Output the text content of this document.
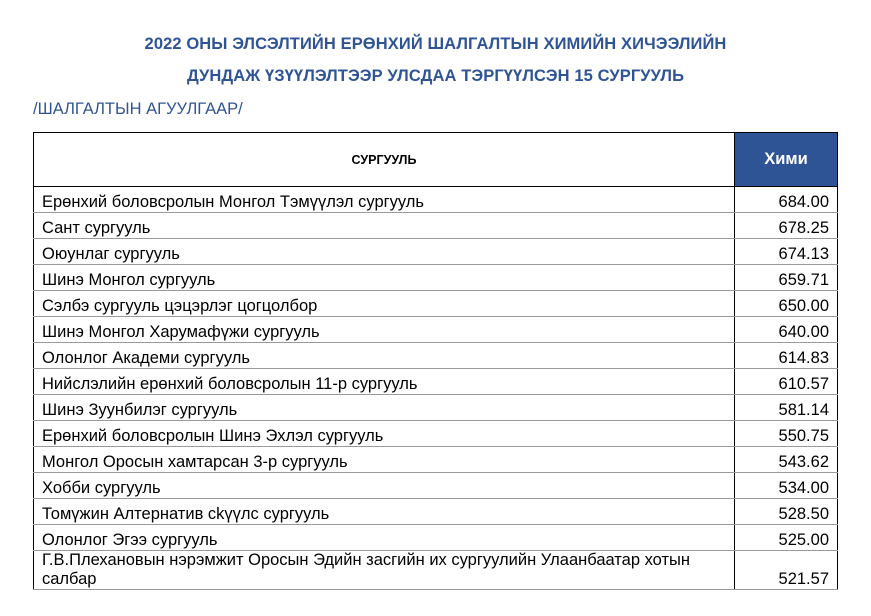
2022 ОНЫ ЭЛСЭЛТИЙН ЕРӨНХИЙ ШАЛГАЛТЫН ХИМИЙН ХИЧЭЭЛИЙН
ДУНДАЖ ҮЗҮҮЛЭЛТЭЭР УЛСДАА ТЭРГҮҮЛСЭН 15 СУРГУУЛЬ
/ШАЛГАЛТЫН АГУУЛГААР/
СУРГУУЛЬ	Хими
Ерөнхий боловсролын Монгол Тэмүүлэл сургууль	684.00
Сант сургууль	678.25
Оюунлаг сургууль	674.13
Шинэ Монгол сургууль	659.71
Сэлбэ сургууль цэцэрлэг цогцолбор	650.00
Шинэ Монгол Харумафүжи сургууль	640.00
Олонлог Академи сургууль	614.83
Нийслэлийн ерөнхий боловсролын 11-р сургууль	610.57
Шинэ Зуунбилэг сургууль	581.14
Ерөнхий боловсролын Шинэ Эхлэл сургууль	550.75
Монгол Оросын хамтарсан 3-р сургууль	543.62
Хобби сургууль	534.00
Томүжин Алтернатив сkүүлс сургууль	528.50
Олонлог Эгээ сургууль	525.00
Г.В.Плехановын нэрэмжит Оросын Эдийн засгийн их сургуулийн Улаанбаатар хотын салбар	521.57
